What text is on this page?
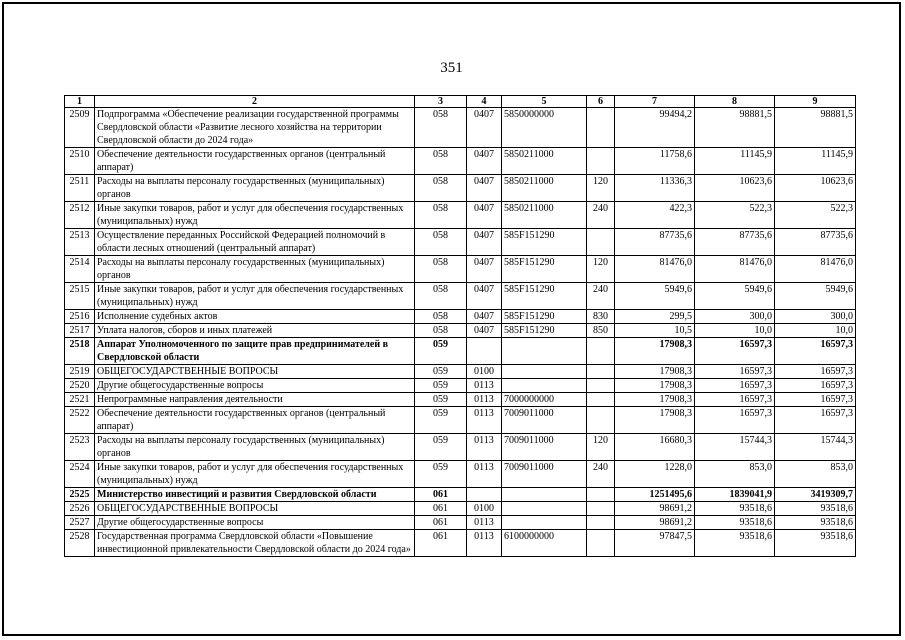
351
1	2	3	4	5	6	7	8	9
2509	Подпрограмма «Обеспечение реализации государственной программы Свердловской области «Развитие лесного хозяйства на территории Свердловской области до 2024 года»	058	0407	5850000000		99494,2	98881,5	98881,5
2510	Обеспечение деятельности государственных органов (центральный аппарат)	058	0407	5850211000		11758,6	11145,9	11145,9
2511	Расходы на выплаты персоналу государственных (муниципальных) органов	058	0407	5850211000	120	11336,3	10623,6	10623,6
2512	Иные закупки товаров, работ и услуг для обеспечения государственных (муниципальных) нужд	058	0407	5850211000	240	422,3	522,3	522,3
2513	Осуществление переданных Российской Федерацией полномочий в области лесных отношений (центральный аппарат)	058	0407	585F151290		87735,6	87735,6	87735,6
2514	Расходы на выплаты персоналу государственных (муниципальных) органов	058	0407	585F151290	120	81476,0	81476,0	81476,0
2515	Иные закупки товаров, работ и услуг для обеспечения государственных (муниципальных) нужд	058	0407	585F151290	240	5949,6	5949,6	5949,6
2516	Исполнение судебных актов	058	0407	585F151290	830	299,5	300,0	300,0
2517	Уплата налогов, сборов и иных платежей	058	0407	585F151290	850	10,5	10,0	10,0
2518	Аппарат Уполномоченного по защите прав предпринимателей в Свердловской области	059				17908,3	16597,3	16597,3
2519	ОБЩЕГОСУДАРСТВЕННЫЕ ВОПРОСЫ	059	0100			17908,3	16597,3	16597,3
2520	Другие общегосударственные вопросы	059	0113			17908,3	16597,3	16597,3
2521	Непрограммные направления деятельности	059	0113	7000000000		17908,3	16597,3	16597,3
2522	Обеспечение деятельности государственных органов (центральный аппарат)	059	0113	7009011000		17908,3	16597,3	16597,3
2523	Расходы на выплаты персоналу государственных (муниципальных) органов	059	0113	7009011000	120	16680,3	15744,3	15744,3
2524	Иные закупки товаров, работ и услуг для обеспечения государственных (муниципальных) нужд	059	0113	7009011000	240	1228,0	853,0	853,0
2525	Министерство инвестиций и развития Свердловской области	061				1251495,6	1839041,9	3419309,7
2526	ОБЩЕГОСУДАРСТВЕННЫЕ ВОПРОСЫ	061	0100			98691,2	93518,6	93518,6
2527	Другие общегосударственные вопросы	061	0113			98691,2	93518,6	93518,6
2528	Государственная программа Свердловской области «Повышение инвестиционной привлекательности Свердловской области до 2024 года»	061	0113	6100000000		97847,5	93518,6	93518,6
